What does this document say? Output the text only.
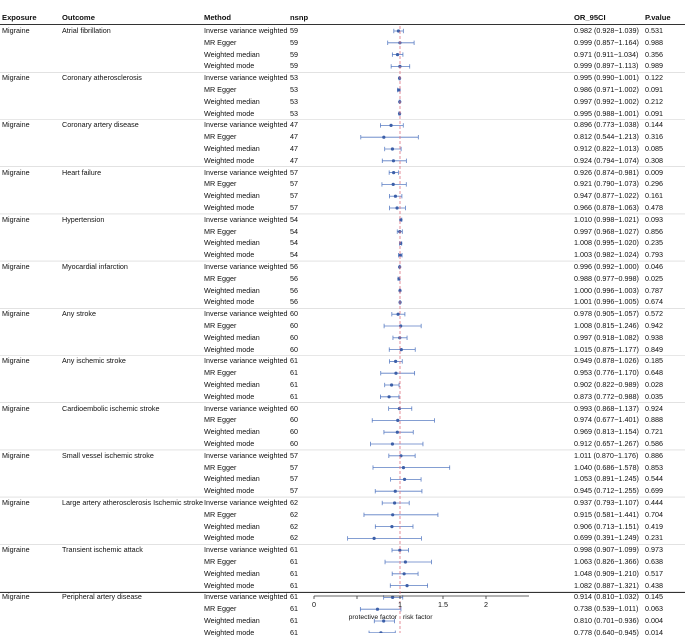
Exposure	Outcome	Method	nsnp	OR_95CI	P.value
Migraine	Atrial fibrillation	Inverse variance weighted 59	0.982 (0.928~1.039) 0.531
MR Egger	59	0.999 (0.857~1.164) 0.988
Weighted median	59	0.971 (0.911~1.034) 0.356
Weighted mode	59	0.999 (0.897~1.113) 0.989
Migraine	Coronary atherosclerosis	Inverse variance weighted 53	0.995 (0.990~1.001) 0.122
MR Egger	53	0.986 (0.971~1.002) 0.091
Weighted median	53	0.997 (0.992~1.002) 0.212
Weighted mode	53	0.995 (0.988~1.001) 0.091
Migraine	Coronary artery disease	Inverse variance weighted 47	0.896 (0.773~1.038) 0.144
MR Egger	47	0.812 (0.544~1.213) 0.316
Weighted median	47	0.912 (0.822~1.013) 0.085
Weighted mode	47	0.924 (0.794~1.074) 0.308
Migraine	Heart failure	Inverse variance weighted 57	0.926 (0.874~0.981) 0.009
MR Egger	57	0.921 (0.790~1.073) 0.296
Weighted median	57	0.947 (0.877~1.022) 0.161
Weighted mode	57	0.966 (0.878~1.063) 0.478
Migraine	Hypertension	Inverse variance weighted 54	1.010 (0.998~1.021) 0.093
MR Egger	54	0.997 (0.968~1.027) 0.856
Weighted median	54	1.008 (0.995~1.020) 0.235
Weighted mode	54	1.003 (0.982~1.024) 0.793
Migraine	Myocardial infarction	Inverse variance weighted 56	0.996 (0.992~1.000) 0.046
MR Egger	56	0.988 (0.977~0.998) 0.025
Weighted median	56	1.000 (0.996~1.003) 0.787
Weighted mode	56	1.001 (0.996~1.005) 0.674
Migraine	Any stroke	Inverse variance weighted 60	0.978 (0.905~1.057) 0.572
MR Egger	60	1.008 (0.815~1.246) 0.942
Weighted median	60	0.997 (0.918~1.082) 0.938
Weighted mode	60	1.015 (0.875~1.177) 0.849
Migraine	Any ischemic stroke	Inverse variance weighted 61	0.949 (0.878~1.026) 0.185
MR Egger	61	0.953 (0.776~1.170) 0.648
Weighted median	61	0.902 (0.822~0.989) 0.028
Weighted mode	61	0.873 (0.772~0.988) 0.035
Migraine	Cardioembolic ischemic stroke	Inverse variance weighted 60	0.993 (0.868~1.137) 0.924
MR Egger	60	0.974 (0.677~1.401) 0.888
Weighted median	60	0.969 (0.813~1.154) 0.721
Weighted mode	60	0.912 (0.657~1.267) 0.586
Migraine	Small vessel ischemic stroke	Inverse variance weighted 57	1.011 (0.870~1.176) 0.886
MR Egger	57	1.040 (0.686~1.578) 0.853
Weighted median	57	1.053 (0.891~1.245) 0.544
Weighted mode	57	0.945 (0.712~1.255) 0.699
Migraine	Large artery atherosclerosis Ischemic stroke Inverse variance weighted 62	0.937 (0.793~1.107) 0.444
MR Egger	62	0.915 (0.581~1.441) 0.704
Weighted median	62	0.906 (0.713~1.151) 0.419
Weighted mode	62	0.699 (0.391~1.249) 0.231
Migraine	Transient ischemic attack	Inverse variance weighted 61	0.998 (0.907~1.099) 0.973
MR Egger	61	1.063 (0.826~1.366) 0.638
Weighted median	61	1.048 (0.909~1.210) 0.517
Weighted mode	61	1.082 (0.887~1.321) 0.438
Migraine	Peripheral artery disease	Inverse variance weighted 61	0.914 (0.810~1.032) 0.145
MR Egger	61	0.738 (0.539~1.011) 0.063
Weighted median	61	0.810 (0.701~0.936) 0.004
Weighted mode	61	0.778 (0.640~0.945) 0.014
0	1	1.5	2
protective factor risk factor
